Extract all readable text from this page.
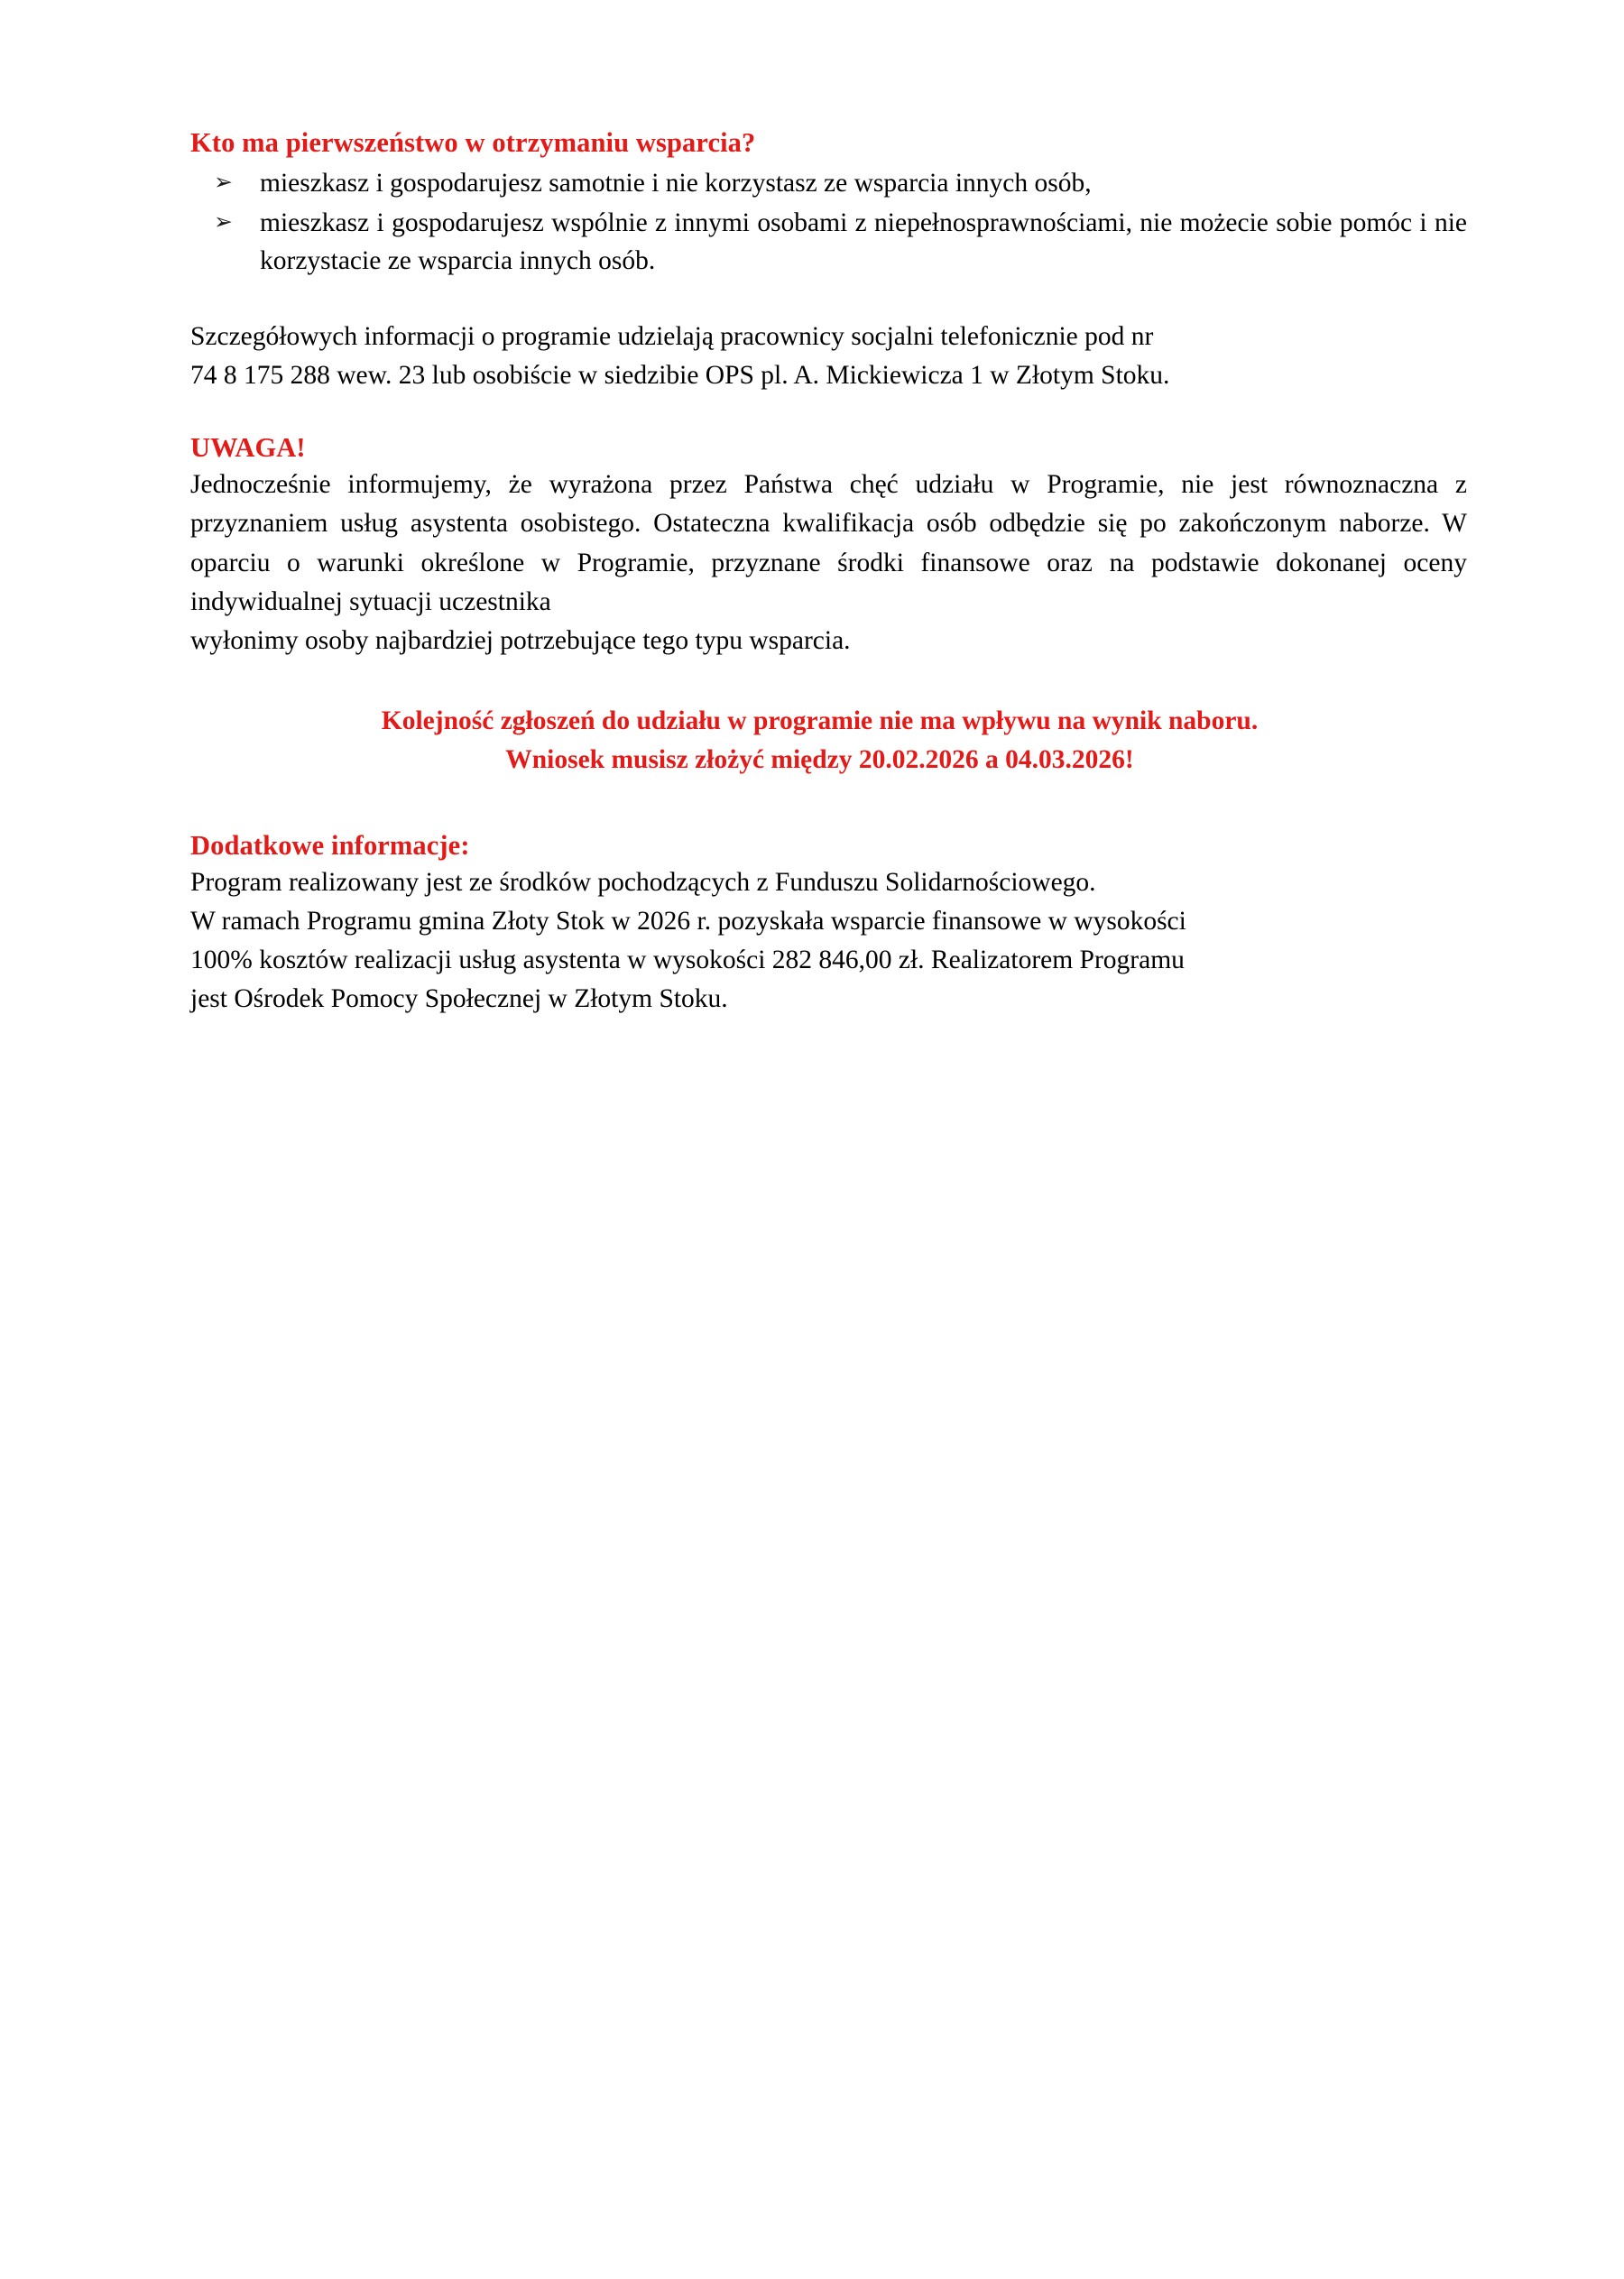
Kto ma pierwszeństwo w otrzymaniu wsparcia?
➢ mieszkasz i gospodarujesz samotnie i nie korzystasz ze wsparcia innych osób,
➢ mieszkasz i gospodarujesz wspólnie z innymi osobami z niepełnosprawnościami, nie możecie sobie pomóc i nie korzystacie ze wsparcia innych osób.

Szczegółowych informacji o programie udzielają pracownicy socjalni telefonicznie pod nr

74 8 175 288 wew. 23 lub osobiście w siedzibie OPS pl. A. Mickiewicza 1 w Złotym Stoku.

UWAGA!

Jednocześnie informujemy, że wyrażona przez Państwa chęć udziału w Programie, nie jest równoznaczna z przyznaniem usług asystenta osobistego. Ostateczna kwalifikacja osób odbędzie się po zakończonym naborze. W oparciu o warunki określone w Programie, przyznane środki finansowe oraz na podstawie dokonanej oceny indywidualnej sytuacji uczestnika
wyłonimy osoby najbardziej potrzebujące tego typu wsparcia.

Kolejność zgłoszeń do udziału w programie nie ma wpływu na wynik naboru.
Wniosek musisz złożyć między 20.02.2026 a 04.03.2026!

Dodatkowe informacje:

Program realizowany jest ze środków pochodzących z Funduszu Solidarnościowego.

W ramach Programu gmina Złoty Stok w 2026 r. pozyskała wsparcie finansowe w wysokości

100% kosztów realizacji usług asystenta w wysokości 282 846,00 zł. Realizatorem Programu

jest Ośrodek Pomocy Społecznej w Złotym Stoku.
